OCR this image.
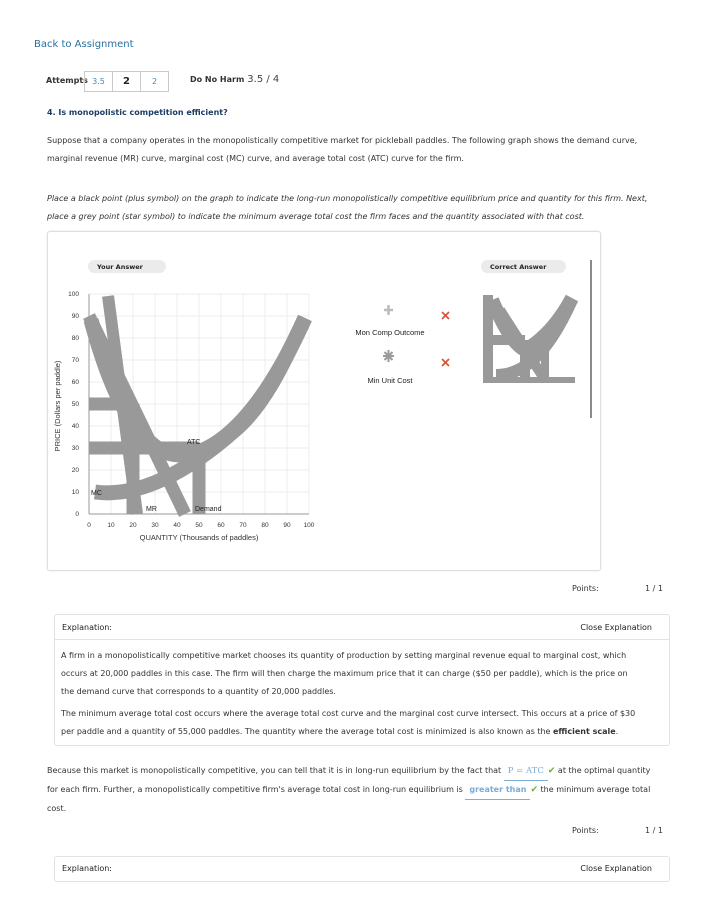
Back to Assignment
Attempts 3.5	2	2	Do No Harm 3.5 / 4
4. Is monopolistic competition efficient?
Suppose that a company operates in the monopolistically competitive market for pickleball paddles. The following graph shows the demand curve,
marginal revenue (MR) curve, marginal cost (MC) curve, and average total cost (ATC) curve for the firm.
Place a black point (plus symbol) on the graph to indicate the long-run monopolistically competitive equilibrium price and quantity for this firm. Next,
place a grey point (star symbol) to indicate the minimum average total cost the firm faces and the quantity associated with that cost.
Your Answer	Correct Answer
0
10
20
30
40
50
60
70
80
90
100
0	10 20 30 40 50 60 70 80 90 100
QUANTITY (Thousands of paddles)
PRICE (Dollars per paddle)	ATC
MC
MR	Demand
Mon Comp Outcome
Min Unit Cost
Points:	1 / 1
Explanation:	Close Explanation
A firm in a monopolistically competitive market chooses its quantity of production by setting marginal revenue equal to marginal cost, which
occurs at 20,000 paddles in this case. The firm will then charge the maximum price that it can charge ($50 per paddle), which is the price on
the demand curve that corresponds to a quantity of 20,000 paddles.
The minimum average total cost occurs where the average total cost curve and the marginal cost curve intersect. This occurs at a price of $30
per paddle and a quantity of 55,000 paddles. The quantity where the average total cost is minimized is also known as the efficient scale.
Because this market is monopolistically competitive, you can tell that it is in long-run equilibrium by the fact that P = ATC ✔ at the optimal quantity
for each firm. Further, a monopolistically competitive firm's average total cost in long-run equilibrium is greater than ✔ the minimum average total
cost.
Points:	1 / 1
Explanation:	Close Explanation
